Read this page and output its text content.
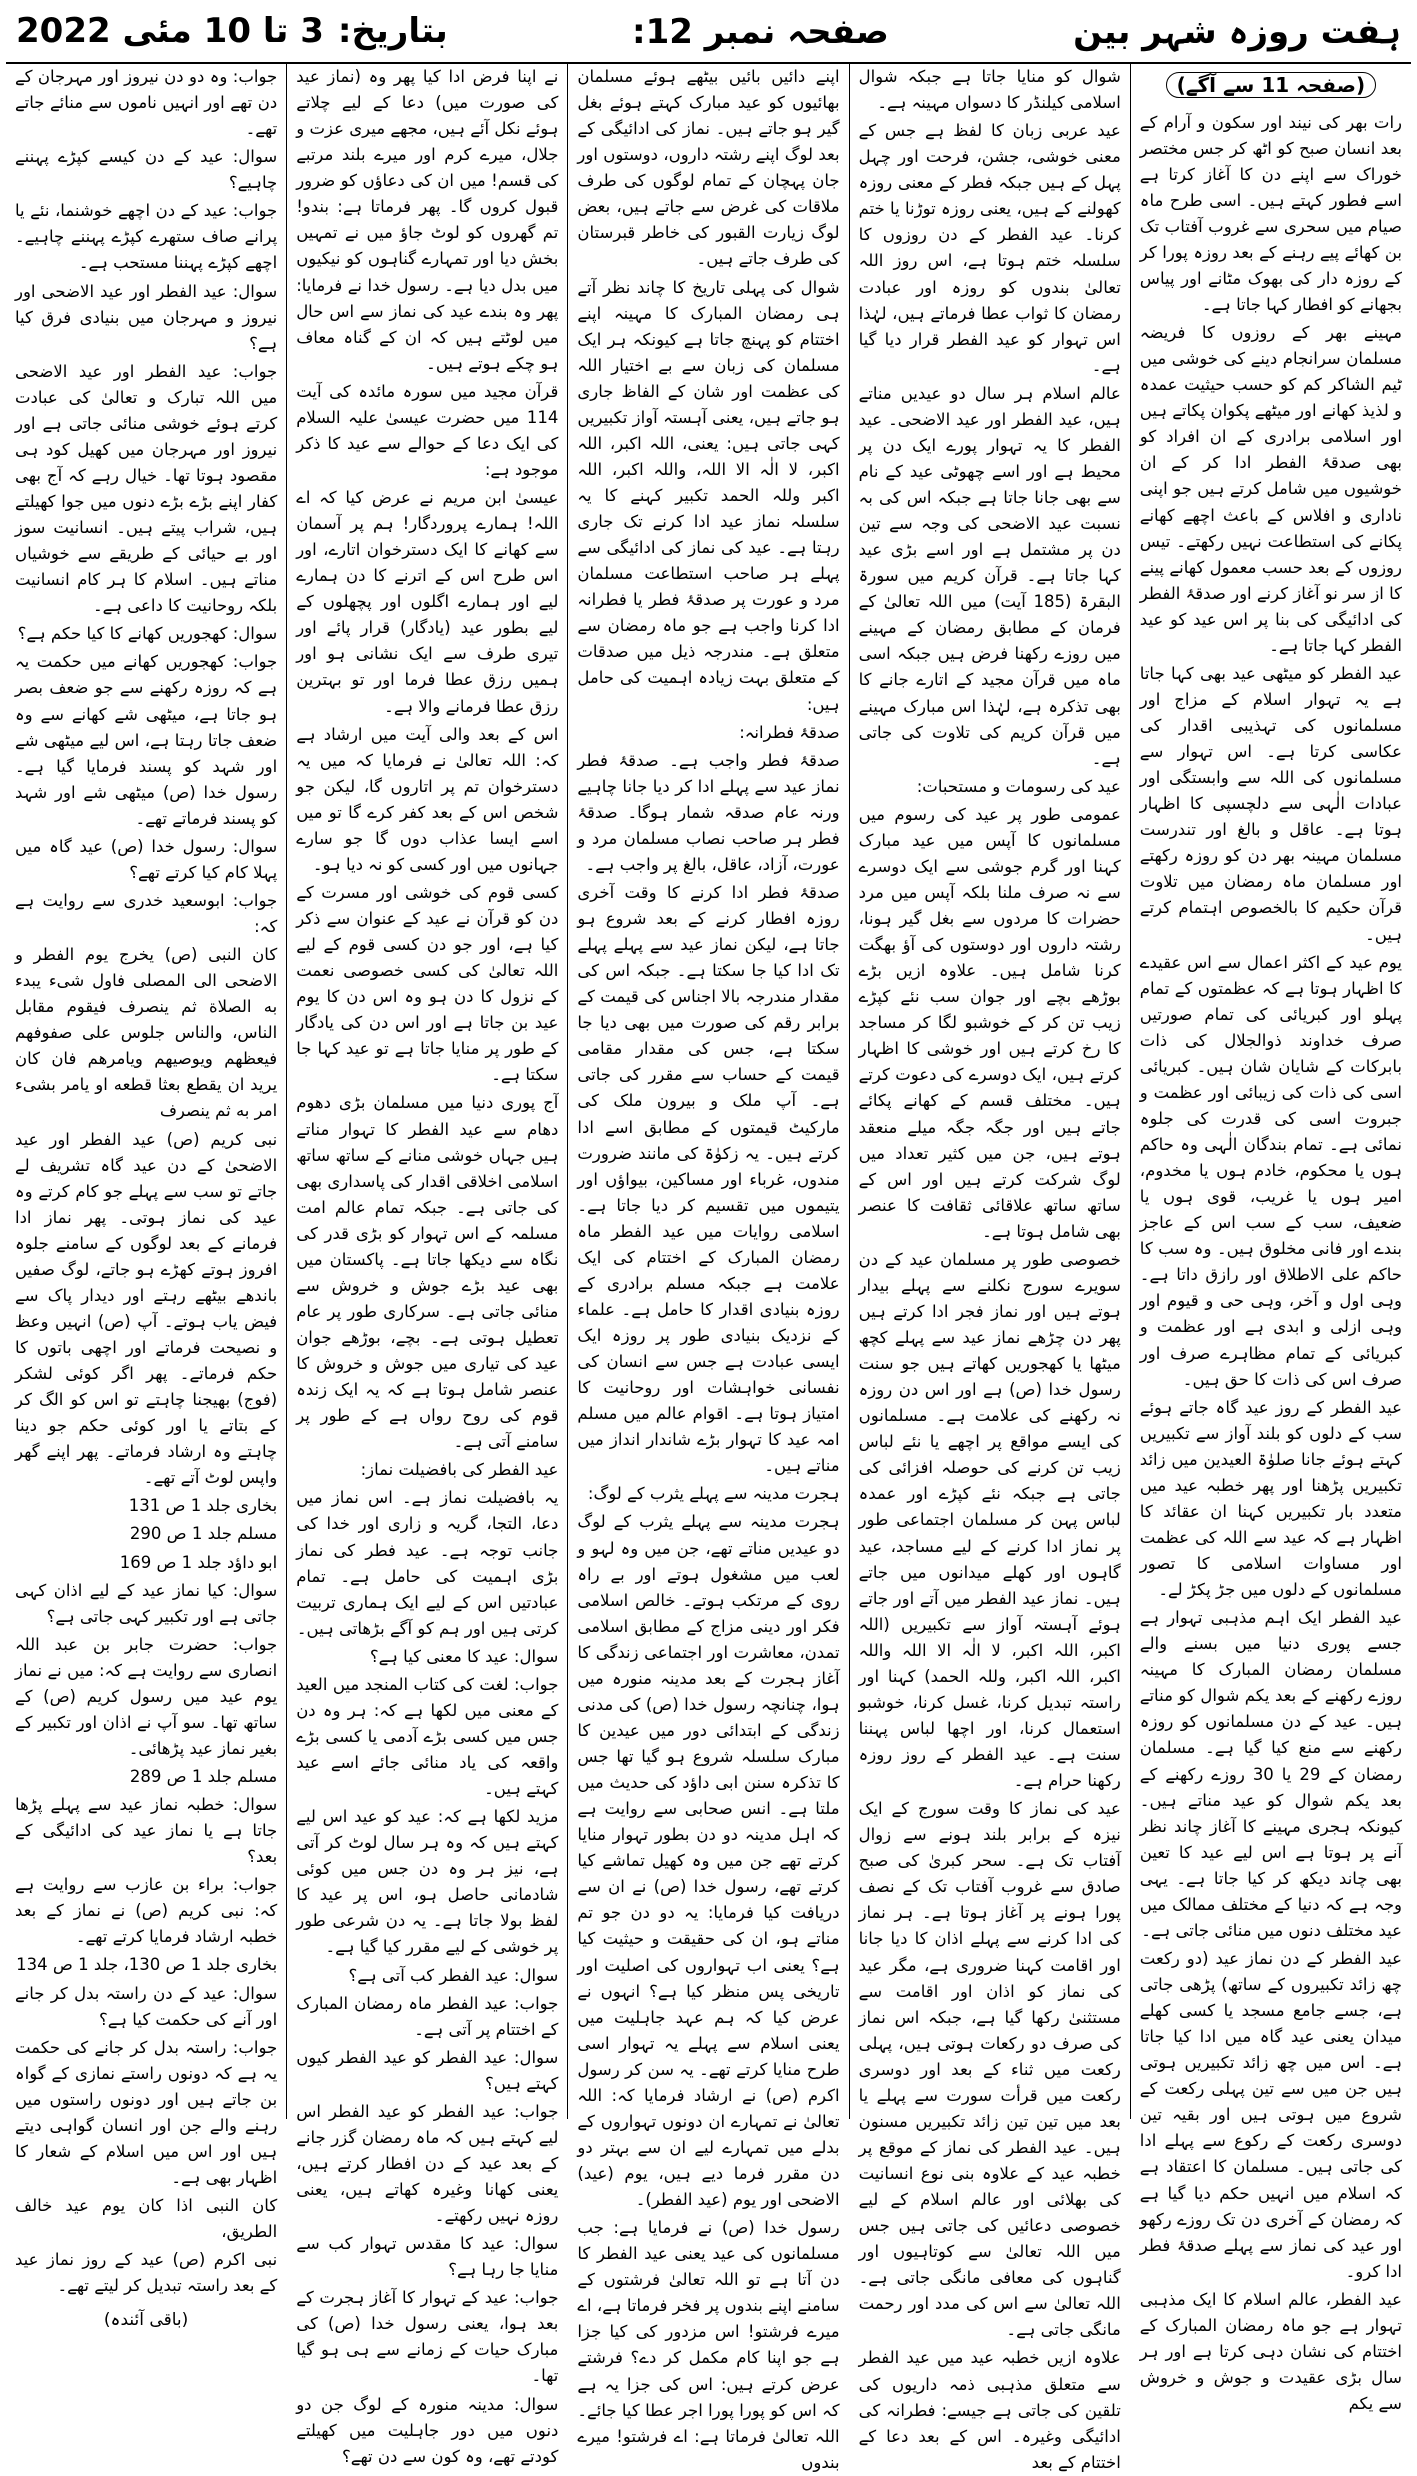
ہفت روزہ شہر بین
صفحہ نمبر 12:
3 تا 10 مئی 2022 بتاریخ:
(صفحہ 11 سے آگے)

رات بھر کی نیند اور سکون و آرام کے بعد انسان صبح کو اٹھ کر جس مختصر خوراک سے اپنے دن کا آغاز کرتا ہے اسے فطور کہتے ہیں۔ اسی طرح ماہ صیام میں سحری سے غروب آفتاب تک بن کھائے پیے رہنے کے بعد روزہ پورا کر کے روزہ دار کی بھوک مٹانے اور پیاس بجھانے کو افطار کہا جاتا ہے۔

مہینے بھر کے روزوں کا فریضہ مسلمان سرانجام دینے کی خوشی میں ٹیم الشاکر کم کو حسب حیثیت عمدہ و لذیذ کھانے اور میٹھے پکوان پکاتے ہیں اور اسلامی برادری کے ان افراد کو بھی صدقۂ الفطر ادا کر کے ان خوشیوں میں شامل کرتے ہیں جو اپنی ناداری و افلاس کے باعث اچھے کھانے پکانے کی استطاعت نہیں رکھتے۔ تیس روزوں کے بعد حسب معمول کھانے پینے کا از سر نو آغاز کرنے اور صدقۂ الفطر کی ادائیگی کی بنا پر اس عید کو عید الفطر کہا جاتا ہے۔

عید الفطر کو میٹھی عید بھی کہا جاتا ہے یہ تہوار اسلام کے مزاج اور مسلمانوں کی تہذیبی اقدار کی عکاسی کرتا ہے۔ اس تہوار سے مسلمانوں کی اللہ سے وابستگی اور عبادات الٰہی سے دلچسپی کا اظہار ہوتا ہے۔ عاقل و بالغ اور تندرست مسلمان مہینہ بھر دن کو روزہ رکھتے اور مسلمان ماہ رمضان میں تلاوت قرآن حکیم کا بالخصوص اہتمام کرتے ہیں۔

یوم عید کے اکثر اعمال سے اس عقیدے کا اظہار ہوتا ہے کہ عظمتوں کے تمام پہلو اور کبریائی کی تمام صورتیں صرف خداوند ذوالجلال کی ذات بابرکات کے شایان شان ہیں۔ کبریائی اسی کی ذات کی زیبائی اور عظمت و جبروت اسی کی قدرت کی جلوہ نمائی ہے۔ تمام بندگان الٰہی وہ حاکم ہوں یا محکوم، خادم ہوں یا مخدوم، امیر ہوں یا غریب، قوی ہوں یا ضعیف، سب کے سب اس کے عاجز بندے اور فانی مخلوق ہیں۔ وہ سب کا حاکم علی الاطلاق اور رازق داتا ہے۔ وہی اول و آخر، وہی حی و قیوم اور وہی ازلی و ابدی ہے اور عظمت و کبریائی کے تمام مظاہرے صرف اور صرف اس کی ذات کا حق ہیں۔

عید الفطر کے روز عید گاہ جاتے ہوئے سب کے دلوں کو بلند آواز سے تکبیریں کہتے ہوئے جانا صلوٰۃ العیدین میں زائد تکبیریں پڑھنا اور پھر خطبہ عید میں متعدد بار تکبیریں کہنا ان عقائد کا اظہار ہے کہ عید سے اللہ کی عظمت اور مساوات اسلامی کا تصور مسلمانوں کے دلوں میں جڑ پکڑ لے۔

عید الفطر ایک اہم مذہبی تہوار ہے جسے پوری دنیا میں بسنے والے مسلمان رمضان المبارک کا مہینہ روزے رکھنے کے بعد یکم شوال کو مناتے ہیں۔ عید کے دن مسلمانوں کو روزہ رکھنے سے منع کیا گیا ہے۔ مسلمان رمضان کے 29 یا 30 روزے رکھنے کے بعد یکم شوال کو عید مناتے ہیں۔ کیونکہ ہجری مہینے کا آغاز چاند نظر آنے پر ہوتا ہے اس لیے عید کا تعین بھی چاند دیکھ کر کیا جاتا ہے۔ یہی وجہ ہے کہ دنیا کے مختلف ممالک میں عید مختلف دنوں میں منائی جاتی ہے۔

عید الفطر کے دن نماز عید (دو رکعت چھ زائد تکبیروں کے ساتھ) پڑھی جاتی ہے، جسے جامع مسجد یا کسی کھلے میدان یعنی عید گاہ میں ادا کیا جاتا ہے۔ اس میں چھ زائد تکبیریں ہوتی ہیں جن میں سے تین پہلی رکعت کے شروع میں ہوتی ہیں اور بقیہ تین دوسری رکعت کے رکوع سے پہلے ادا کی جاتی ہیں۔ مسلمان کا اعتقاد ہے کہ اسلام میں انہیں حکم دیا گیا ہے کہ رمضان کے آخری دن تک روزے رکھو اور عید کی نماز سے پہلے صدقۂ فطر ادا کرو۔

عید الفطر، عالم اسلام کا ایک مذہبی تہوار ہے جو ماہ رمضان المبارک کے اختتام کی نشان دہی کرتا ہے اور ہر سال بڑی عقیدت و جوش و خروش سے یکم

شوال کو منایا جاتا ہے جبکہ شوال اسلامی کیلنڈر کا دسواں مہینہ ہے۔

عید عربی زبان کا لفظ ہے جس کے معنی خوشی، جشن، فرحت اور چہل پہل کے ہیں جبکہ فطر کے معنی روزہ کھولنے کے ہیں، یعنی روزہ توڑنا یا ختم کرنا۔ عید الفطر کے دن روزوں کا سلسلہ ختم ہوتا ہے، اس روز اللہ تعالیٰ بندوں کو روزہ اور عبادت رمضان کا ثواب عطا فرماتے ہیں، لہٰذا اس تہوار کو عید الفطر قرار دیا گیا ہے۔

عالم اسلام ہر سال دو عیدیں مناتے ہیں، عید الفطر اور عید الاضحی۔ عید الفطر کا یہ تہوار پورے ایک دن پر محیط ہے اور اسے چھوٹی عید کے نام سے بھی جانا جاتا ہے جبکہ اس کی بہ نسبت عید الاضحی کی وجہ سے تین دن پر مشتمل ہے اور اسے بڑی عید کہا جاتا ہے۔ قرآن کریم میں سورۃ البقرۃ (185 آیت) میں اللہ تعالیٰ کے فرمان کے مطابق رمضان کے مہینے میں روزے رکھنا فرض ہیں جبکہ اسی ماہ میں قرآن مجید کے اتارے جانے کا بھی تذکرہ ہے، لہٰذا اس مبارک مہینے میں قرآن کریم کی تلاوت کی جاتی ہے۔

عید کی رسومات و مستحبات:

عمومی طور پر عید کی رسوم میں مسلمانوں کا آپس میں عید مبارک کہنا اور گرم جوشی سے ایک دوسرے سے نہ صرف ملنا بلکہ آپس میں مرد حضرات کا مردوں سے بغل گیر ہونا، رشتہ داروں اور دوستوں کی آؤ بھگت کرنا شامل ہیں۔ علاوہ ازیں بڑے بوڑھے بچے اور جوان سب نئے کپڑے زیب تن کر کے خوشبو لگا کر مساجد کا رخ کرتے ہیں اور خوشی کا اظہار کرتے ہیں، ایک دوسرے کی دعوت کرتے ہیں۔ مختلف قسم کے کھانے پکائے جاتے ہیں اور جگہ جگہ میلے منعقد ہوتے ہیں، جن میں کثیر تعداد میں لوگ شرکت کرتے ہیں اور اس کے ساتھ ساتھ علاقائی ثقافت کا عنصر بھی شامل ہوتا ہے۔

خصوصی طور پر مسلمان عید کے دن سویرے سورج نکلنے سے پہلے بیدار ہوتے ہیں اور نماز فجر ادا کرتے ہیں پھر دن چڑھے نماز عید سے پہلے کچھ میٹھا یا کھجوریں کھاتے ہیں جو سنت رسول خدا (ص) ہے اور اس دن روزہ نہ رکھنے کی علامت ہے۔ مسلمانوں کی ایسے مواقع پر اچھے یا نئے لباس زیب تن کرنے کی حوصلہ افزائی کی جاتی ہے جبکہ نئے کپڑے اور عمدہ لباس پہن کر مسلمان اجتماعی طور پر نماز ادا کرنے کے لیے مساجد، عید گاہوں اور کھلے میدانوں میں جاتے ہیں۔ نماز عید الفطر میں آتے اور جاتے ہوئے آہستہ آواز سے تکبیریں (اللہ اکبر، اللہ اکبر، لا الٰہ الا اللہ واللہ اکبر، اللہ اکبر، وللہ الحمد) کہنا اور راستہ تبدیل کرنا، غسل کرنا، خوشبو استعمال کرنا، اور اچھا لباس پہننا سنت ہے۔ عید الفطر کے روز روزہ رکھنا حرام ہے۔

عید کی نماز کا وقت سورج کے ایک نیزہ کے برابر بلند ہونے سے زوال آفتاب تک ہے۔ سحر کبریٰ کی صبح صادق سے غروب آفتاب تک کے نصف پورا ہونے پر آغاز ہوتا ہے۔ ہر نماز کی ادا کرنے سے پہلے اذان کا دیا جانا اور اقامت کہنا ضروری ہے، مگر عید کی نماز کو اذان اور اقامت سے مستثنیٰ رکھا گیا ہے، جبکہ اس نماز کی صرف دو رکعات ہوتی ہیں، پہلی رکعت میں ثناء کے بعد اور دوسری رکعت میں قرأت سورت سے پہلے یا بعد میں تین تین زائد تکبیریں مسنون ہیں۔ عید الفطر کی نماز کے موقع پر خطبہ عید کے علاوہ بنی نوع انسانیت کی بھلائی اور عالم اسلام کے لیے خصوصی دعائیں کی جاتی ہیں جس میں اللہ تعالیٰ سے کوتاہیوں اور گناہوں کی معافی مانگی جاتی ہے۔ اللہ تعالیٰ سے اس کی مدد اور رحمت مانگی جاتی ہے۔

علاوہ ازیں خطبہ عید میں عید الفطر سے متعلق مذہبی ذمہ داریوں کی تلقین کی جاتی ہے جیسے: فطرانہ کی ادائیگی وغیرہ۔ اس کے بعد دعا کے اختتام کے بعد

اپنے دائیں بائیں بیٹھے ہوئے مسلمان بھائیوں کو عید مبارک کہتے ہوئے بغل گیر ہو جاتے ہیں۔ نماز کی ادائیگی کے بعد لوگ اپنے رشتہ داروں، دوستوں اور جان پہچان کے تمام لوگوں کی طرف ملاقات کی غرض سے جاتے ہیں، بعض لوگ زیارت القبور کی خاطر قبرستان کی طرف جاتے ہیں۔

شوال کی پہلی تاریخ کا چاند نظر آتے ہی رمضان المبارک کا مہینہ اپنے اختتام کو پہنچ جاتا ہے کیونکہ ہر ایک مسلمان کی زبان سے بے اختیار اللہ کی عظمت اور شان کے الفاظ جاری ہو جاتے ہیں، یعنی آہستہ آواز تکبیریں کہی جاتی ہیں: یعنی، اللہ اکبر، اللہ اکبر، لا الٰہ الا اللہ، واللہ اکبر، اللہ اکبر وللہ الحمد تکبیر کہنے کا یہ سلسلہ نماز عید ادا کرنے تک جاری رہتا ہے۔ عید کی نماز کی ادائیگی سے پہلے ہر صاحب استطاعت مسلمان مرد و عورت پر صدقۂ فطر یا فطرانہ ادا کرنا واجب ہے جو ماہ رمضان سے متعلق ہے۔ مندرجہ ذیل میں صدقات کے متعلق بہت زیادہ اہمیت کی حامل ہیں:

صدقۂ فطرانہ:

صدقۂ فطر واجب ہے۔ صدقۂ فطر نماز عید سے پہلے ادا کر دیا جانا چاہیے ورنہ عام صدقہ شمار ہوگا۔ صدقۂ فطر ہر صاحب نصاب مسلمان مرد و عورت، آزاد، عاقل، بالغ پر واجب ہے۔

صدقۂ فطر ادا کرنے کا وقت آخری روزہ افطار کرنے کے بعد شروع ہو جاتا ہے، لیکن نماز عید سے پہلے پہلے تک ادا کیا جا سکتا ہے۔ جبکہ اس کی مقدار مندرجہ بالا اجناس کی قیمت کے برابر رقم کی صورت میں بھی دیا جا سکتا ہے، جس کی مقدار مقامی قیمت کے حساب سے مقرر کی جاتی ہے۔ آپ ملک و بیرون ملک کی مارکیٹ قیمتوں کے مطابق اسے ادا کرتے ہیں۔ یہ زکوٰۃ کی مانند ضرورت مندوں، غرباء اور مساکین، بیواؤں اور یتیموں میں تقسیم کر دیا جاتا ہے۔ اسلامی روایات میں عید الفطر ماہ رمضان المبارک کے اختتام کی ایک علامت ہے جبکہ مسلم برادری کے روزہ بنیادی اقدار کا حامل ہے۔ علماء کے نزدیک بنیادی طور پر روزہ ایک ایسی عبادت ہے جس سے انسان کی نفسانی خواہشات اور روحانیت کا امتیاز ہوتا ہے۔ اقوام عالم میں مسلم امہ عید کا تہوار بڑے شاندار انداز میں مناتے ہیں۔

ہجرت مدینہ سے پہلے یثرب کے لوگ:

ہجرت مدینہ سے پہلے یثرب کے لوگ دو عیدیں مناتے تھے، جن میں وہ لہو و لعب میں مشغول ہوتے اور بے راہ روی کے مرتکب ہوتے۔ خالص اسلامی فکر اور دینی مزاج کے مطابق اسلامی تمدن، معاشرت اور اجتماعی زندگی کا آغاز ہجرت کے بعد مدینہ منورہ میں ہوا، چنانچہ رسول خدا (ص) کی مدنی زندگی کے ابتدائی دور میں عیدین کا مبارک سلسلہ شروع ہو گیا تھا جس کا تذکرہ سنن ابی داؤد کی حدیث میں ملتا ہے۔ انس صحابی سے روایت ہے کہ اہل مدینہ دو دن بطور تہوار منایا کرتے تھے جن میں وہ کھیل تماشے کیا کرتے تھے، رسول خدا (ص) نے ان سے دریافت کیا فرمایا: یہ دو دن جو تم مناتے ہو، ان کی حقیقت و حیثیت کیا ہے؟ یعنی اب تہواروں کی اصلیت اور تاریخی پس منظر کیا ہے؟ انہوں نے عرض کیا کہ ہم عہد جاہلیت میں یعنی اسلام سے پہلے یہ تہوار اسی طرح منایا کرتے تھے۔ یہ سن کر رسول اکرم (ص) نے ارشاد فرمایا کہ: اللہ تعالیٰ نے تمہارے ان دونوں تہواروں کے بدلے میں تمہارے لیے ان سے بہتر دو دن مقرر فرما دیے ہیں، یوم (عید) الاضحی اور یوم (عید الفطر)۔

رسول خدا (ص) نے فرمایا ہے: جب مسلمانوں کی عید یعنی عید الفطر کا دن آتا ہے تو اللہ تعالیٰ فرشتوں کے سامنے اپنے بندوں پر فخر فرماتا ہے، اے میرے فرشتو! اس مزدور کی کیا جزا ہے جو اپنا کام مکمل کر دے؟ فرشتے عرض کرتے ہیں: اس کی جزا یہ ہے کہ اس کو پورا پورا اجر عطا کیا جائے۔ اللہ تعالیٰ فرماتا ہے: اے فرشتو! میرے بندوں

نے اپنا فرض ادا کیا پھر وہ (نماز عید کی صورت میں) دعا کے لیے چلاتے ہوئے نکل آئے ہیں، مجھے میری عزت و جلال، میرے کرم اور میرے بلند مرتبے کی قسم! میں ان کی دعاؤں کو ضرور قبول کروں گا۔ پھر فرماتا ہے: بندو! تم گھروں کو لوٹ جاؤ میں نے تمہیں بخش دیا اور تمہارے گناہوں کو نیکیوں میں بدل دیا ہے۔ رسول خدا نے فرمایا: پھر وہ بندے عید کی نماز سے اس حال میں لوٹتے ہیں کہ ان کے گناہ معاف ہو چکے ہوتے ہیں۔

قرآن مجید میں سورہ مائدہ کی آیت 114 میں حضرت عیسیٰ علیہ السلام کی ایک دعا کے حوالے سے عید کا ذکر موجود ہے:

عیسیٰ ابن مریم نے عرض کیا کہ اے اللہ! ہمارے پروردگار! ہم پر آسمان سے کھانے کا ایک دسترخوان اتارے، اور اس طرح اس کے اترنے کا دن ہمارے لیے اور ہمارے اگلوں اور پچھلوں کے لیے بطور عید (یادگار) قرار پائے اور تیری طرف سے ایک نشانی ہو اور ہمیں رزق عطا فرما اور تو بہترین رزق عطا فرمانے والا ہے۔

اس کے بعد والی آیت میں ارشاد ہے کہ: اللہ تعالیٰ نے فرمایا کہ میں یہ دسترخوان تم پر اتاروں گا، لیکن جو شخص اس کے بعد کفر کرے گا تو میں اسے ایسا عذاب دوں گا جو سارے جہانوں میں اور کسی کو نہ دیا ہو۔

کسی قوم کی خوشی اور مسرت کے دن کو قرآن نے عید کے عنوان سے ذکر کیا ہے، اور جو دن کسی قوم کے لیے اللہ تعالیٰ کی کسی خصوصی نعمت کے نزول کا دن ہو وہ اس دن کا یوم عید بن جاتا ہے اور اس دن کی یادگار کے طور پر منایا جاتا ہے تو عید کہا جا سکتا ہے۔

آج پوری دنیا میں مسلمان بڑی دھوم دھام سے عید الفطر کا تہوار مناتے ہیں جہاں خوشی منانے کے ساتھ ساتھ اسلامی اخلاقی اقدار کی پاسداری بھی کی جاتی ہے۔ جبکہ تمام عالم امت مسلمہ کے اس تہوار کو بڑی قدر کی نگاہ سے دیکھا جاتا ہے۔ پاکستان میں بھی عید بڑے جوش و خروش سے منائی جاتی ہے۔ سرکاری طور پر عام تعطیل ہوتی ہے۔ بچے، بوڑھے جوان عید کی تیاری میں جوش و خروش کا عنصر شامل ہوتا ہے کہ یہ ایک زندہ قوم کی روح رواں ہے کے طور پر سامنے آتی ہے۔

عید الفطر کی بافضیلت نماز:

یہ بافضیلت نماز ہے۔ اس نماز میں دعا، التجا، گریہ و زاری اور خدا کی جانب توجہ ہے۔ عید فطر کی نماز بڑی اہمیت کی حامل ہے۔ تمام عبادتیں اس کے لیے ایک ہماری تربیت کرتی ہیں اور ہم کو آگے بڑھاتی ہیں۔

سوال: عید کا معنی کیا ہے؟

جواب: لغت کی کتاب المنجد میں العید کے معنی میں لکھا ہے کہ: ہر وہ دن جس میں کسی بڑے آدمی یا کسی بڑے واقعہ کی یاد منائی جائے اسے عید کہتے ہیں۔

مزید لکھا ہے کہ: عید کو عید اس لیے کہتے ہیں کہ وہ ہر سال لوٹ کر آتی ہے، نیز ہر وہ دن جس میں کوئی شادمانی حاصل ہو، اس پر عید کا لفظ بولا جاتا ہے۔ یہ دن شرعی طور پر خوشی کے لیے مقرر کیا گیا ہے۔

سوال: عید الفطر کب آتی ہے؟

جواب: عید الفطر ماہ رمضان المبارک کے اختتام پر آتی ہے۔

سوال: عید الفطر کو عید الفطر کیوں کہتے ہیں؟

جواب: عید الفطر کو عید الفطر اس لیے کہتے ہیں کہ ماہ رمضان گزر جانے کے بعد عید کے دن افطار کرتے ہیں، یعنی کھانا وغیرہ کھاتے ہیں، یعنی روزہ نہیں رکھتے۔

سوال: عید کا مقدس تہوار کب سے منایا جا رہا ہے؟

جواب: عید کے تہوار کا آغاز ہجرت کے بعد ہوا، یعنی رسول خدا (ص) کی مبارک حیات کے زمانے سے ہی ہو گیا تھا۔

سوال: مدینہ منورہ کے لوگ جن دو دنوں میں دور جاہلیت میں کھیلتے کودتے تھے، وہ کون سے دن تھے؟

جواب: وہ دو دن نیروز اور مہرجان کے دن تھے اور انہیں ناموں سے منائے جاتے تھے۔

سوال: عید کے دن کیسے کپڑے پہننے چاہیے؟

جواب: عید کے دن اچھے خوشنما، نئے یا پرانے صاف ستھرے کپڑے پہننے چاہیے۔ اچھے کپڑے پہننا مستحب ہے۔

سوال: عید الفطر اور عید الاضحی اور نیروز و مہرجان میں بنیادی فرق کیا ہے؟

جواب: عید الفطر اور عید الاضحی میں اللہ تبارک و تعالیٰ کی عبادت کرتے ہوئے خوشی منائی جاتی ہے اور نیروز اور مہرجان میں کھیل کود ہی مقصود ہوتا تھا۔ خیال رہے کہ آج بھی کفار اپنے بڑے بڑے دنوں میں جوا کھیلتے ہیں، شراب پیتے ہیں۔ انسانیت سوز اور بے حیائی کے طریقے سے خوشیاں مناتے ہیں۔ اسلام کا ہر کام انسانیت بلکہ روحانیت کا داعی ہے۔

سوال: کھجوریں کھانے کا کیا حکم ہے؟

جواب: کھجوریں کھانے میں حکمت یہ ہے کہ روزہ رکھنے سے جو ضعف بصر ہو جاتا ہے، میٹھی شے کھانے سے وہ ضعف جاتا رہتا ہے، اس لیے میٹھی شے اور شہد کو پسند فرمایا گیا ہے۔ رسول خدا (ص) میٹھی شے اور شہد کو پسند فرماتے تھے۔

سوال: رسول خدا (ص) عید گاہ میں پہلا کام کیا کرتے تھے؟

جواب: ابوسعید خدری سے روایت ہے کہ:

کان النبی (ص) یخرج یوم الفطر و الاضحی الی المصلی فاول شیء یبدء به الصلاة ثم ینصرف فیقوم مقابل الناس، والناس جلوس علی صفوفهم فیعظهم ویوصیهم ویامرهم فان کان یرید ان یقطع بعثا قطعه او یامر بشیء امر به ثم ینصرف

نبی کریم (ص) عید الفطر اور عید الاضحیٰ کے دن عید گاہ تشریف لے جاتے تو سب سے پہلے جو کام کرتے وہ عید کی نماز ہوتی۔ پھر نماز ادا فرمانے کے بعد لوگوں کے سامنے جلوہ افروز ہوتے کھڑے ہو جاتے، لوگ صفیں باندھے بیٹھے رہتے اور دیدار پاک سے فیض یاب ہوتے۔ آپ (ص) انہیں وعظ و نصیحت فرماتے اور اچھی باتوں کا حکم فرماتے۔ پھر اگر کوئی لشکر (فوج) بھیجنا چاہتے تو اس کو الگ کر کے بتاتے یا اور کوئی حکم جو دینا چاہتے وہ ارشاد فرماتے۔ پھر اپنے گھر واپس لوٹ آتے تھے۔

بخاری جلد 1 ص 131

مسلم جلد 1 ص 290

ابو داؤد جلد 1 ص 169

سوال: کیا نماز عید کے لیے اذان کہی جاتی ہے اور تکبیر کہی جاتی ہے؟

جواب: حضرت جابر بن عبد اللہ انصاری سے روایت ہے کہ: میں نے نماز یوم عید میں رسول کریم (ص) کے ساتھ تھا۔ سو آپ نے اذان اور تکبیر کے بغیر نماز عید پڑھائی۔

مسلم جلد 1 ص 289

سوال: خطبہ نماز عید سے پہلے پڑھا جاتا ہے یا نماز عید کی ادائیگی کے بعد؟

جواب: براء بن عازب سے روایت ہے کہ: نبی کریم (ص) نے نماز کے بعد خطبہ ارشاد فرمایا کرتے تھے۔

بخاری جلد 1 ص 130، جلد 1 ص 134

سوال: عید کے دن راستہ بدل کر جانے اور آنے کی حکمت کیا ہے؟

جواب: راستہ بدل کر جانے کی حکمت یہ ہے کہ دونوں راستے نمازی کے گواہ بن جاتے ہیں اور دونوں راستوں میں رہنے والے جن اور انسان گواہی دیتے ہیں اور اس میں اسلام کے شعار کا اظہار بھی ہے۔

کان النبی اذا کان یوم عید خالف الطریق،

نبی اکرم (ص) عید کے روز نماز عید کے بعد راستہ تبدیل کر لیتے تھے۔

(باقی آئندہ)
